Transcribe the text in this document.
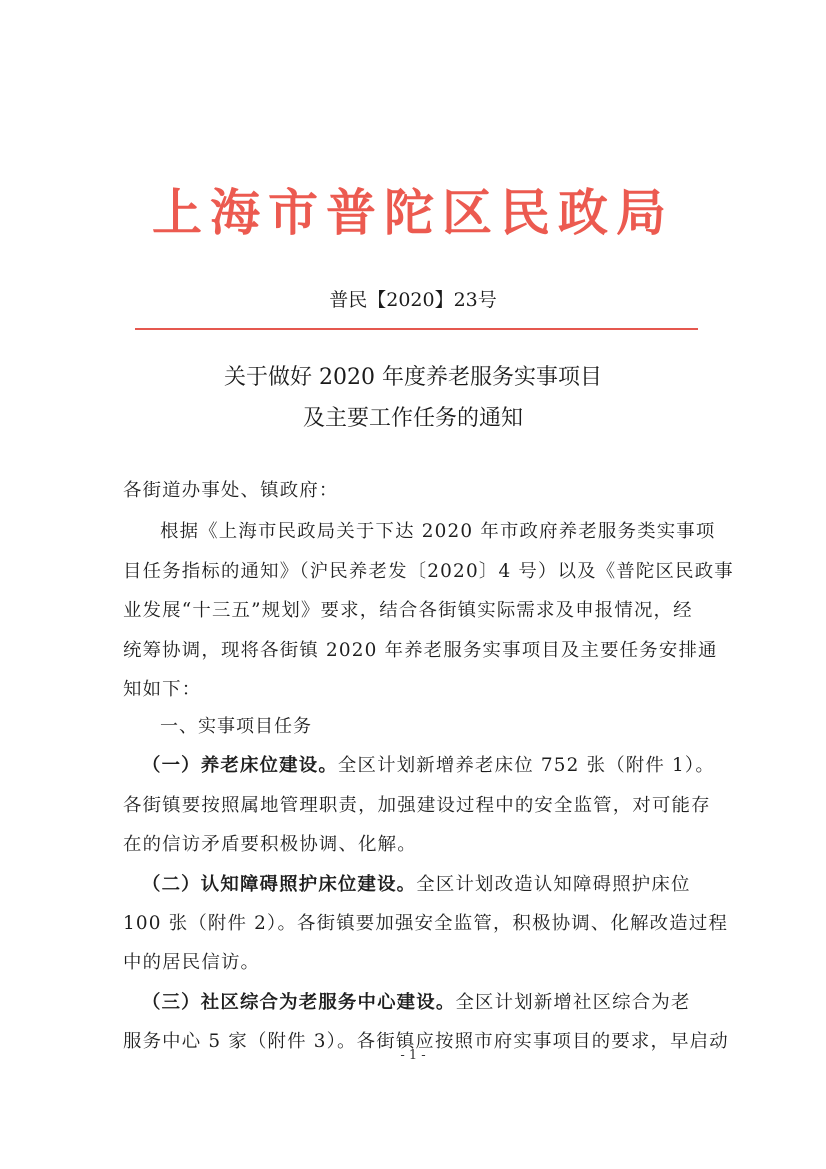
上海市普陀区民政局
普民【2020】23号
关于做好 2020 年度养老服务实事项目
及主要工作任务的通知
各街道办事处、镇政府：
根据《上海市民政局关于下达 2020 年市政府养老服务类实事项
目任务指标的通知》（沪民养老发〔2020〕4 号）以及《普陀区民政事
业发展“十三五”规划》要求，结合各街镇实际需求及申报情况，经
统筹协调，现将各街镇 2020 年养老服务实事项目及主要任务安排通
知如下：
一、实事项目任务
（一）养老床位建设。全区计划新增养老床位 752 张（附件 1）。
各街镇要按照属地管理职责，加强建设过程中的安全监管，对可能存
在的信访矛盾要积极协调、化解。
（二）认知障碍照护床位建设。全区计划改造认知障碍照护床位
100 张（附件 2）。各街镇要加强安全监管，积极协调、化解改造过程
中的居民信访。
（三）社区综合为老服务中心建设。全区计划新增社区综合为老
服务中心 5 家（附件 3）。各街镇应按照市府实事项目的要求，早启动
- 1 -
